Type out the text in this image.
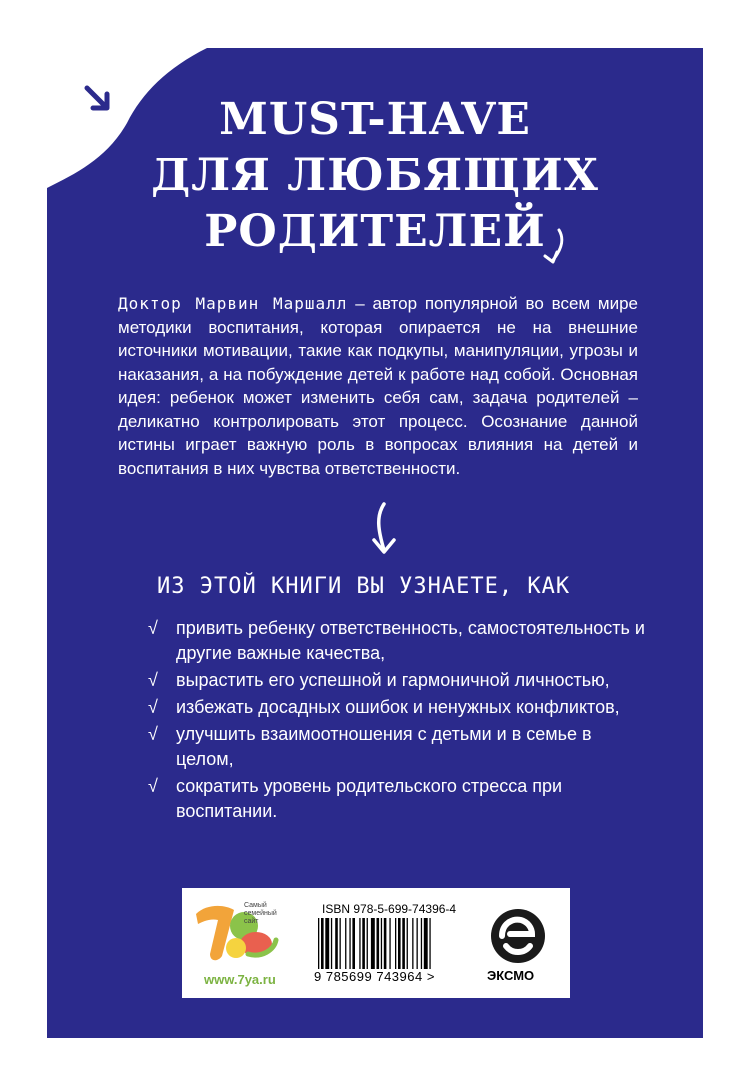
MUST-HAVE
ДЛЯ ЛЮБЯЩИХ
РОДИТЕЛЕЙ
Доктор Марвин Маршалл – автор популярной во всем мире методики воспитания, которая опирается не на внешние источники мотивации, такие как подкупы, манипуляции, угрозы и наказания, а на побуждение детей к работе над собой. Основная идея: ребенок может изменить себя сам, задача родителей – деликатно контролировать этот процесс. Осознание данной истины играет важную роль в вопросах влияния на детей и воспитания в них чувства ответственности.
ИЗ ЭТОЙ КНИГИ ВЫ УЗНАЕТЕ, КАК
√ привить ребенку ответственность, самостоятельность и другие важные качества,
√ вырастить его успешной и гармоничной личностью,
√ избежать досадных ошибок и ненужных конфликтов,
√ улучшить взаимоотношения с детьми и в семье в целом,
√ сократить уровень родительского стресса при воспитании.
Самый семейный сайт
www.7ya.ru
ISBN 978-5-699-74396-4
9 785699 743964 >	ЭКСМО
